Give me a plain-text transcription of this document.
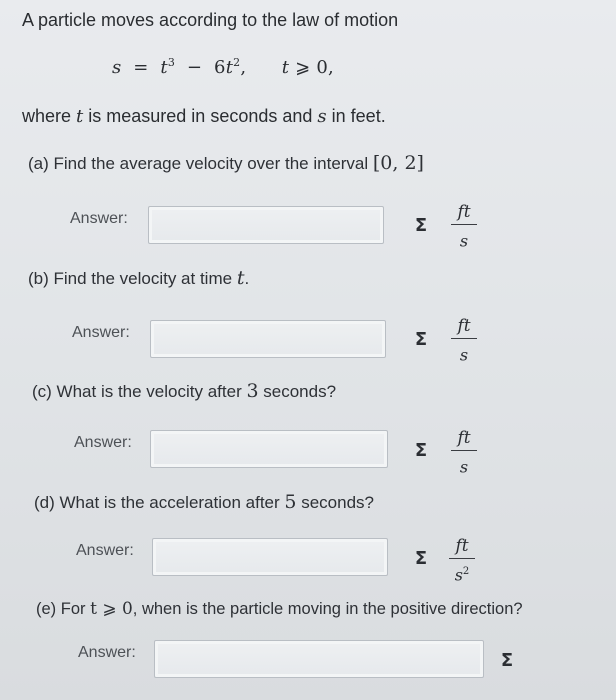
A particle moves according to the law of motion
$s = t^3 - 6t^2$, t ⩾ 0,
where t is measured in seconds and s in feet.
(a) Find the average velocity over the interval [0, 2]
Answer:	Σ
ft
s
(b) Find the velocity at time t.
Answer:	Σ
ft
s
(c) What is the velocity after 3 seconds?
Answer:	Σ
ft
s
(d) What is the acceleration after 5 seconds?
Answer:	Σ
ft
$s^2$
(e) For t ⩾ 0, when is the particle moving in the positive direction?
Answer:	Σ
